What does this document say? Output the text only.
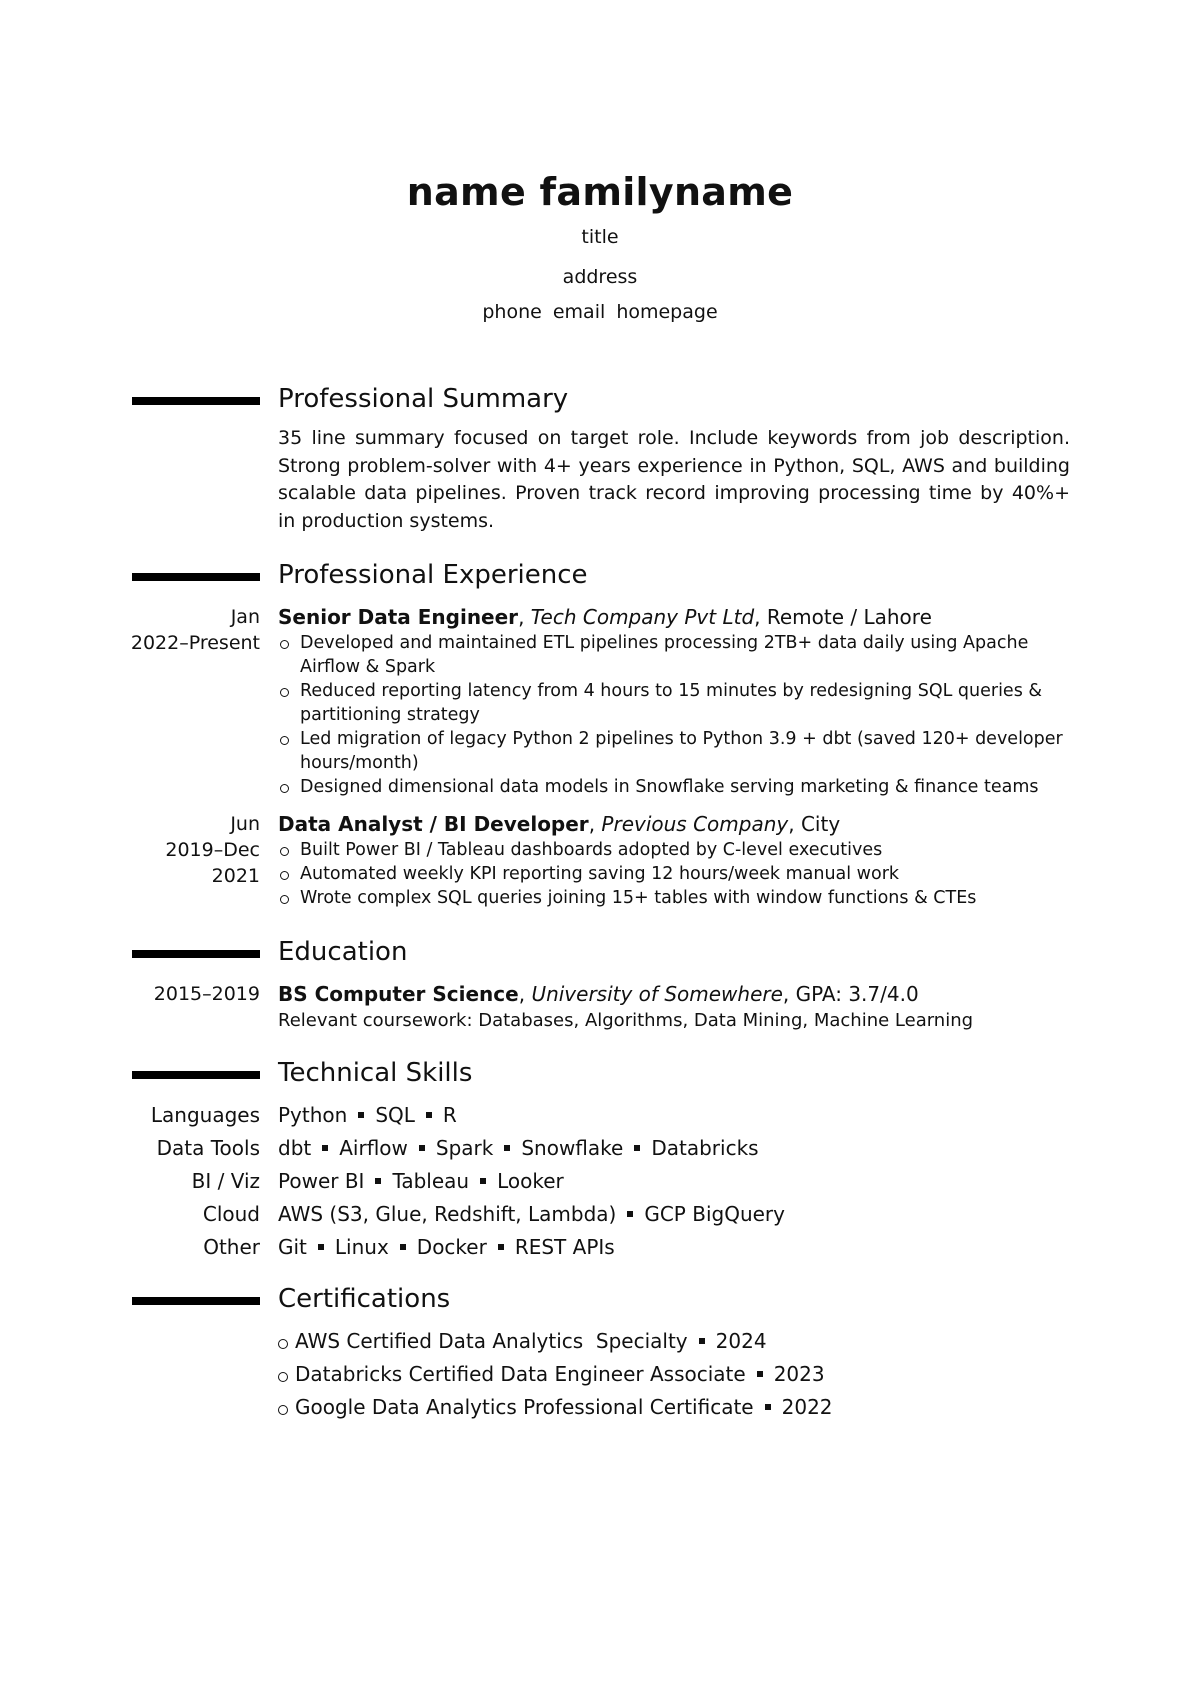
name familyname
title
address
phone email homepage
Professional Summary
35 line summary focused on target role. Include keywords from job description. Strong problem-solver with 4+ years experience in Python, SQL, AWS and building scalable data pipelines. Proven track record improving processing time by 40%+ in production systems.
Professional Experience
Jan
2022–Present
Senior Data Engineer, Tech Company Pvt Ltd, Remote / Lahore
Developed and maintained ETL pipelines processing 2TB+ data daily using Apache Airflow & Spark
Reduced reporting latency from 4 hours to 15 minutes by redesigning SQL queries & partitioning strategy
Led migration of legacy Python 2 pipelines to Python 3.9 + dbt (saved 120+ developer hours/month)
Designed dimensional data models in Snowflake serving marketing & finance teams
Jun
2019–Dec
2021
Data Analyst / BI Developer, Previous Company, City
Built Power BI / Tableau dashboards adopted by C-level executives
Automated weekly KPI reporting saving 12 hours/week manual work
Wrote complex SQL queries joining 15+ tables with window functions & CTEs
Education
2015–2019 BS Computer Science, University of Somewhere, GPA: 3.7/4.0
Relevant coursework: Databases, Algorithms, Data Mining, Machine Learning
Technical Skills
Languages Python SQL R
Data Tools dbt Airflow Spark Snowflake Databricks
BI / Viz Power BI Tableau Looker
Cloud AWS (S3, Glue, Redshift, Lambda) GCP BigQuery
Other Git Linux Docker REST APIs
Certifications
AWS Certified Data Analytics  Specialty 2024
Databricks Certified Data Engineer Associate 2023
Google Data Analytics Professional Certificate 2022
